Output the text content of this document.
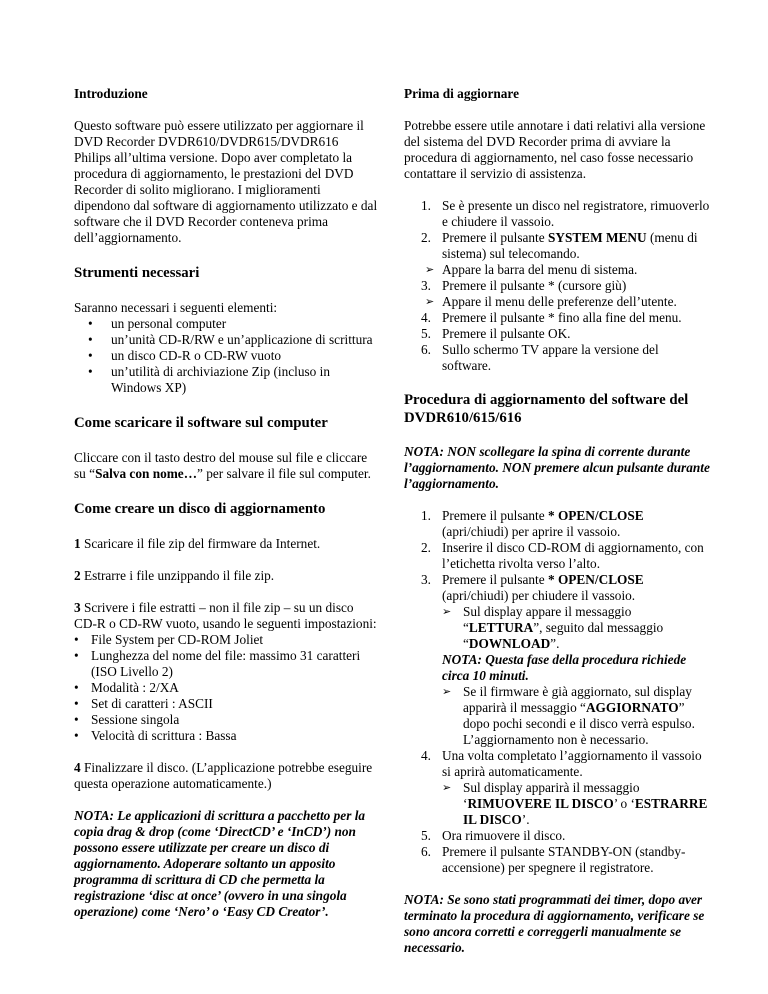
Introduzione

Questo software può essere utilizzato per aggiornare il DVD Recorder DVDR610/DVDR615/DVDR616 Philips all’ultima versione. Dopo aver completato la procedura di aggiornamento, le prestazioni del DVD Recorder di solito migliorano. I miglioramenti dipendono dal software di aggiornamento utilizzato e dal software che il DVD Recorder conteneva prima dell’aggiornamento.

Strumenti necessari

Saranno necessari i seguenti elementi:

• un personal computer
• un’unità CD-R/RW e un’applicazione di scrittura
• un disco CD-R o CD-RW vuoto
• un’utilità di archiviazione Zip (incluso in Windows XP)
Come scaricare il software sul computer

Cliccare con il tasto destro del mouse sul file e cliccare su “Salva con nome…” per salvare il file sul computer.

Come creare un disco di aggiornamento

1 Scaricare il file zip del firmware da Internet.

2 Estrarre i file unzippando il file zip.

3 Scrivere i file estratti – non il file zip – su un disco CD-R o CD-RW vuoto, usando le seguenti impostazioni:

• File System per CD-ROM Joliet
• Lunghezza del nome del file: massimo 31 caratteri (ISO Livello 2)
• Modalità : 2/XA
• Set di caratteri : ASCII
• Sessione singola
• Velocità di scrittura : Bassa

4 Finalizzare il disco. (L’applicazione potrebbe eseguire questa operazione automaticamente.)

NOTA: Le applicazioni di scrittura a pacchetto per la copia drag & drop (come ‘DirectCD’ e ‘InCD’) non possono essere utilizzate per creare un disco di aggiornamento. Adoperare soltanto un apposito programma di scrittura di CD che permetta la registrazione ‘disc at once’ (ovvero in una singola operazione) come ‘Nero’ o ‘Easy CD Creator’.

Prima di aggiornare

Potrebbe essere utile annotare i dati relativi alla versione del sistema del DVD Recorder prima di avviare la procedura di aggiornamento, nel caso fosse necessario contattare il servizio di assistenza.

1. Se è presente un disco nel registratore, rimuoverlo e chiudere il vassoio.
2. Premere il pulsante SYSTEM MENU (menu di sistema) sul telecomando.
➢ Appare la barra del menu di sistema.
3. Premere il pulsante * (cursore giù)
➢ Appare il menu delle preferenze dell’utente.
4. Premere il pulsante * fino alla fine del menu.
5. Premere il pulsante OK.
6. Sullo schermo TV appare la versione del software.
Procedura di aggiornamento del software del DVDR610/615/616

NOTA: NON scollegare la spina di corrente durante l’aggiornamento. NON premere alcun pulsante durante l’aggiornamento.

1. Premere il pulsante * OPEN/CLOSE (apri/chiudi) per aprire il vassoio.
2. Inserire il disco CD-ROM di aggiornamento, con l’etichetta rivolta verso l’alto.
3. Premere il pulsante * OPEN/CLOSE (apri/chiudi) per chiudere il vassoio.
➢ Sul display appare il messaggio “LETTURA”, seguito dal messaggio “DOWNLOAD”.
NOTA: Questa fase della procedura richiede circa 10 minuti.
➢ Se il firmware è già aggiornato, sul display apparirà il messaggio “AGGIORNATO” dopo pochi secondi e il disco verrà espulso. L’aggiornamento non è necessario.
4. Una volta completato l’aggiornamento il vassoio si aprirà automaticamente.
➢ Sul display apparirà il messaggio ‘RIMUOVERE IL DISCO’ o ‘ESTRARRE IL DISCO’.
5. Ora rimuovere il disco.
6. Premere il pulsante STANDBY-ON (standby-accensione) per spegnere il registratore.

NOTA: Se sono stati programmati dei timer, dopo aver terminato la procedura di aggiornamento, verificare se sono ancora corretti e correggerli manualmente se necessario.
